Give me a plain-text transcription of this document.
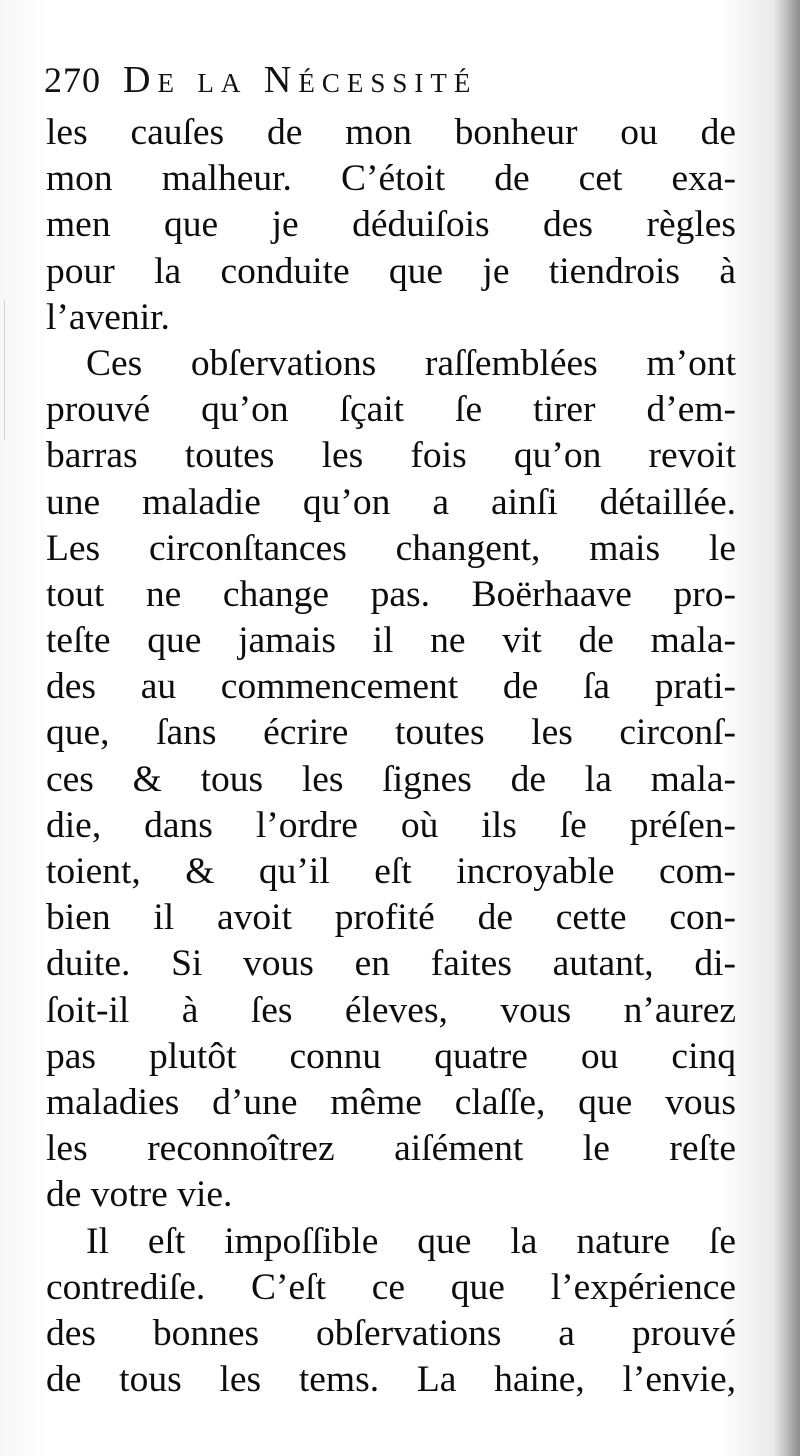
270 De la Nécessité
les cauſes de mon bonheur ou de
mon malheur. C’étoit de cet exa-
men que je déduiſois des règles
pour la conduite que je tiendrois à
l’avenir.
Ces obſervations raſſemblées m’ont
prouvé qu’on ſçait ſe tirer d’em-
barras toutes les fois qu’on revoit
une maladie qu’on a ainſi détaillée.
Les circonſtances changent, mais le
tout ne change pas. Boërhaave pro-
teſte que jamais il ne vit de mala-
des au commencement de ſa prati-
que, ſans écrire toutes les circonſ-
ces & tous les ſignes de la mala-
die, dans l’ordre où ils ſe préſen-
toient, & qu’il eſt incroyable com-
bien il avoit profité de cette con-
duite. Si vous en faites autant, di-
ſoit-il à ſes éleves, vous n’aurez
pas plutôt connu quatre ou cinq
maladies d’une même claſſe, que vous
les reconnoîtrez aiſément le reſte
de votre vie.
Il eſt impoſſible que la nature ſe
contrediſe. C’eſt ce que l’expérience
des bonnes obſervations a prouvé
de tous les tems. La haine, l’envie,
